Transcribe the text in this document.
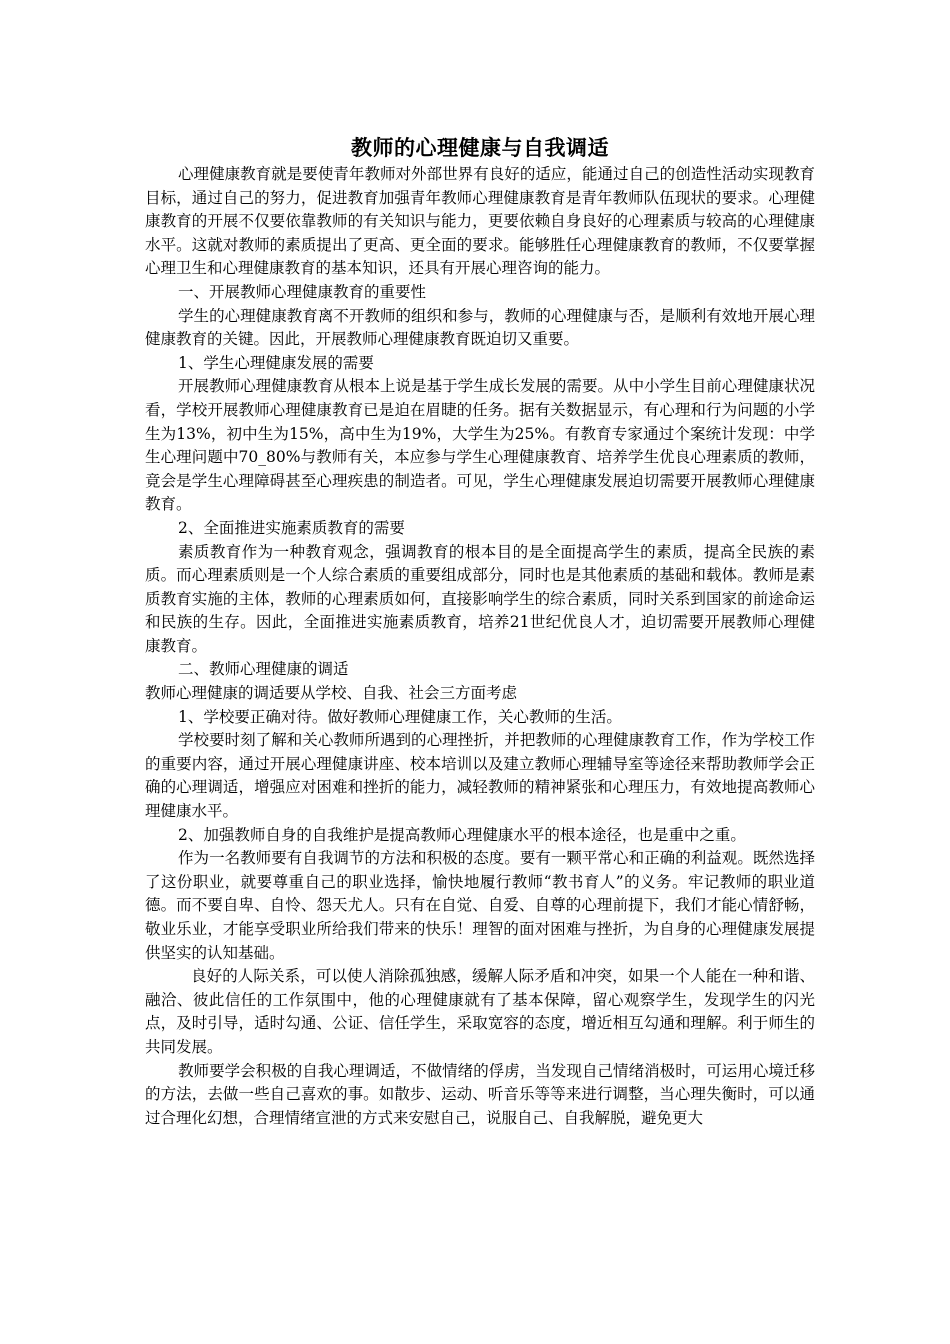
教师的心理健康与自我调适

心理健康教育就是要使青年教师对外部世界有良好的适应，能通过自己的创造性活动实现教育目标，通过自己的努力，促进教育加强青年教师心理健康教育是青年教师队伍现状的要求。心理健康教育的开展不仅要依靠教师的有关知识与能力，更要依赖自身良好的心理素质与较高的心理健康水平。这就对教师的素质提出了更高、更全面的要求。能够胜任心理健康教育的教师，不仅要掌握心理卫生和心理健康教育的基本知识，还具有开展心理咨询的能力。

一、开展教师心理健康教育的重要性

学生的心理健康教育离不开教师的组织和参与，教师的心理健康与否，是顺利有效地开展心理健康教育的关键。因此，开展教师心理健康教育既迫切又重要。

1、学生心理健康发展的需要

开展教师心理健康教育从根本上说是基于学生成长发展的需要。从中小学生目前心理健康状况看，学校开展教师心理健康教育已是迫在眉睫的任务。据有关数据显示，有心理和行为问题的小学生为13%，初中生为15%，高中生为19%，大学生为25%。有教育专家通过个案统计发现：中学生心理问题中70_80%与教师有关，本应参与学生心理健康教育、培养学生优良心理素质的教师，竟会是学生心理障碍甚至心理疾患的制造者。可见，学生心理健康发展迫切需要开展教师心理健康教育。

2、全面推进实施素质教育的需要

素质教育作为一种教育观念，强调教育的根本目的是全面提高学生的素质，提高全民族的素质。而心理素质则是一个人综合素质的重要组成部分，同时也是其他素质的基础和载体。教师是素质教育实施的主体，教师的心理素质如何，直接影响学生的综合素质，同时关系到国家的前途命运和民族的生存。因此，全面推进实施素质教育，培养21世纪优良人才，迫切需要开展教师心理健康教育。

二、教师心理健康的调适

教师心理健康的调适要从学校、自我、社会三方面考虑

1、学校要正确对待。做好教师心理健康工作，关心教师的生活。

学校要时刻了解和关心教师所遇到的心理挫折，并把教师的心理健康教育工作，作为学校工作的重要内容，通过开展心理健康讲座、校本培训以及建立教师心理辅导室等途径来帮助教师学会正确的心理调适，增强应对困难和挫折的能力，减轻教师的精神紧张和心理压力，有效地提高教师心理健康水平。

2、加强教师自身的自我维护是提高教师心理健康水平的根本途径，也是重中之重。

作为一名教师要有自我调节的方法和积极的态度。要有一颗平常心和正确的利益观。既然选择了这份职业，就要尊重自己的职业选择，愉快地履行教师“教书育人”的义务。牢记教师的职业道德。而不要自卑、自怜、怨天尤人。只有在自觉、自爱、自尊的心理前提下，我们才能心情舒畅，敬业乐业，才能享受职业所给我们带来的快乐！理智的面对困难与挫折，为自身的心理健康发展提供坚实的认知基础。

良好的人际关系，可以使人消除孤独感，缓解人际矛盾和冲突，如果一个人能在一种和谐、融洽、彼此信任的工作氛围中，他的心理健康就有了基本保障，留心观察学生，发现学生的闪光点，及时引导，适时勾通、公证、信任学生，采取宽容的态度，增近相互勾通和理解。利于师生的共同发展。

教师要学会积极的自我心理调适，不做情绪的俘虏，当发现自己情绪消极时，可运用心境迁移的方法，去做一些自己喜欢的事。如散步、运动、听音乐等等来进行调整，当心理失衡时，可以通过合理化幻想，合理情绪宣泄的方式来安慰自己，说服自己、自我解脱，避免更大
